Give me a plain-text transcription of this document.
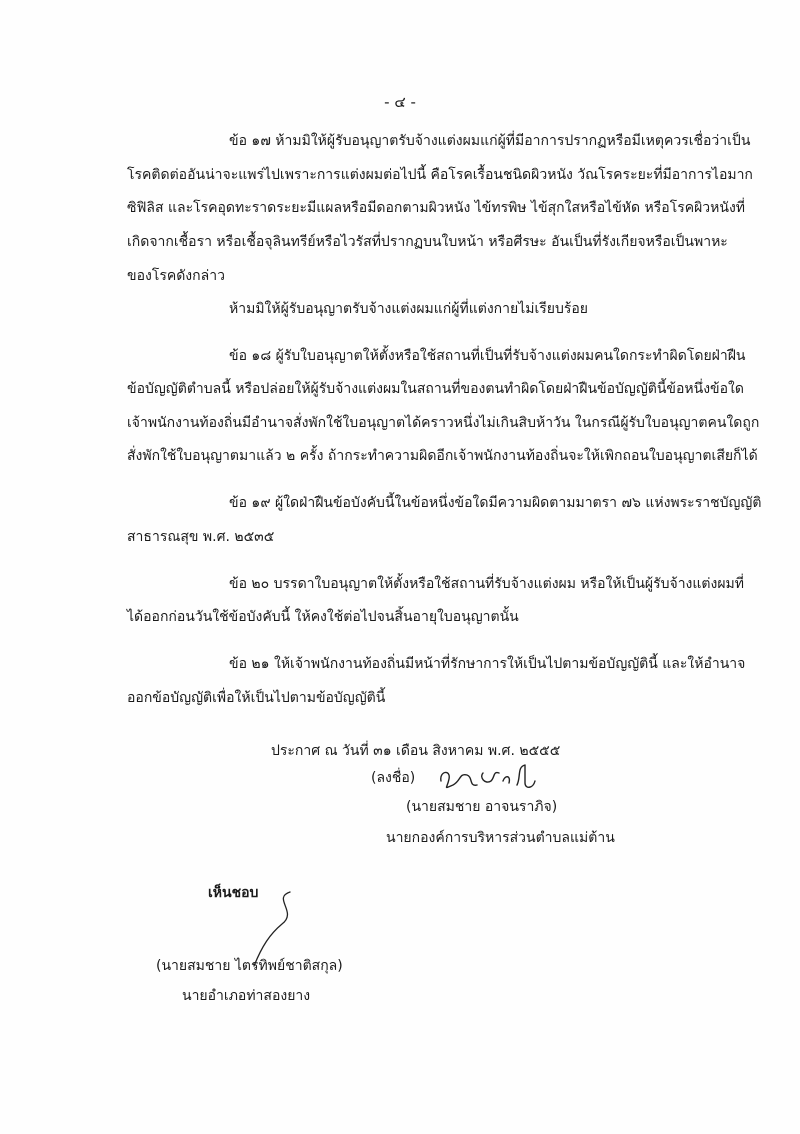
- ๔ -
ข้อ ๑๗ ห้ามมิให้ผู้รับอนุญาตรับจ้างแต่งผมแก่ผู้ที่มีอาการปรากฏหรือมีเหตุควรเชื่อว่าเป็น
โรคติดต่ออันน่าจะแพร่ไปเพราะการแต่งผมต่อไปนี้ คือโรคเรื้อนชนิดผิวหนัง วัณโรคระยะที่มีอาการไอมาก
ซิฟิลิส และโรคอุดทะราดระยะมีแผลหรือมีดอกตามผิวหนัง ไข้ทรพิษ ไข้สุกใสหรือไข้หัด หรือโรคผิวหนังที่
เกิดจากเชื้อรา หรือเชื้อจุลินทรีย์หรือไวรัสที่ปรากฏบนใบหน้า หรือศีรษะ อันเป็นที่รังเกียจหรือเป็นพาหะ
ของโรคดังกล่าว
ห้ามมิให้ผู้รับอนุญาตรับจ้างแต่งผมแก่ผู้ที่แต่งกายไม่เรียบร้อย
ข้อ ๑๘ ผู้รับใบอนุญาตให้ตั้งหรือใช้สถานที่เป็นที่รับจ้างแต่งผมคนใดกระทำผิดโดยฝ่าฝืน
ข้อบัญญัติตำบลนี้ หรือปล่อยให้ผู้รับจ้างแต่งผมในสถานที่ของตนทำผิดโดยฝ่าฝืนข้อบัญญัตินี้ข้อหนึ่งข้อใด
เจ้าพนักงานท้องถิ่นมีอำนาจสั่งพักใช้ใบอนุญาตได้คราวหนึ่งไม่เกินสิบห้าวัน ในกรณีผู้รับใบอนุญาตคนใดถูก
สั่งพักใช้ใบอนุญาตมาแล้ว ๒ ครั้ง ถ้ากระทำความผิดอีกเจ้าพนักงานท้องถิ่นจะให้เพิกถอนใบอนุญาตเสียก็ได้
ข้อ ๑๙ ผู้ใดฝ่าฝืนข้อบังคับนี้ในข้อหนึ่งข้อใดมีความผิดตามมาตรา ๗๖ แห่งพระราชบัญญัติ
สาธารณสุข พ.ศ. ๒๕๓๕
ข้อ ๒๐ บรรดาใบอนุญาตให้ตั้งหรือใช้สถานที่รับจ้างแต่งผม หรือให้เป็นผู้รับจ้างแต่งผมที่
ได้ออกก่อนวันใช้ข้อบังคับนี้ ให้คงใช้ต่อไปจนสิ้นอายุใบอนุญาตนั้น
ข้อ ๒๑ ให้เจ้าพนักงานท้องถิ่นมีหน้าที่รักษาการให้เป็นไปตามข้อบัญญัตินี้ และให้อำนาจ
ออกข้อบัญญัติเพื่อให้เป็นไปตามข้อบัญญัตินี้
ประกาศ ณ วันที่ ๓๑ เดือน สิงหาคม พ.ศ. ๒๕๕๕
(ลงชื่อ)
(นายสมชาย อาจนราภิจ)
นายกองค์การบริหารส่วนตำบลแม่ต้าน
เห็นชอบ
(นายสมชาย ไตรทิพย์ชาติสกุล)
นายอำเภอท่าสองยาง
